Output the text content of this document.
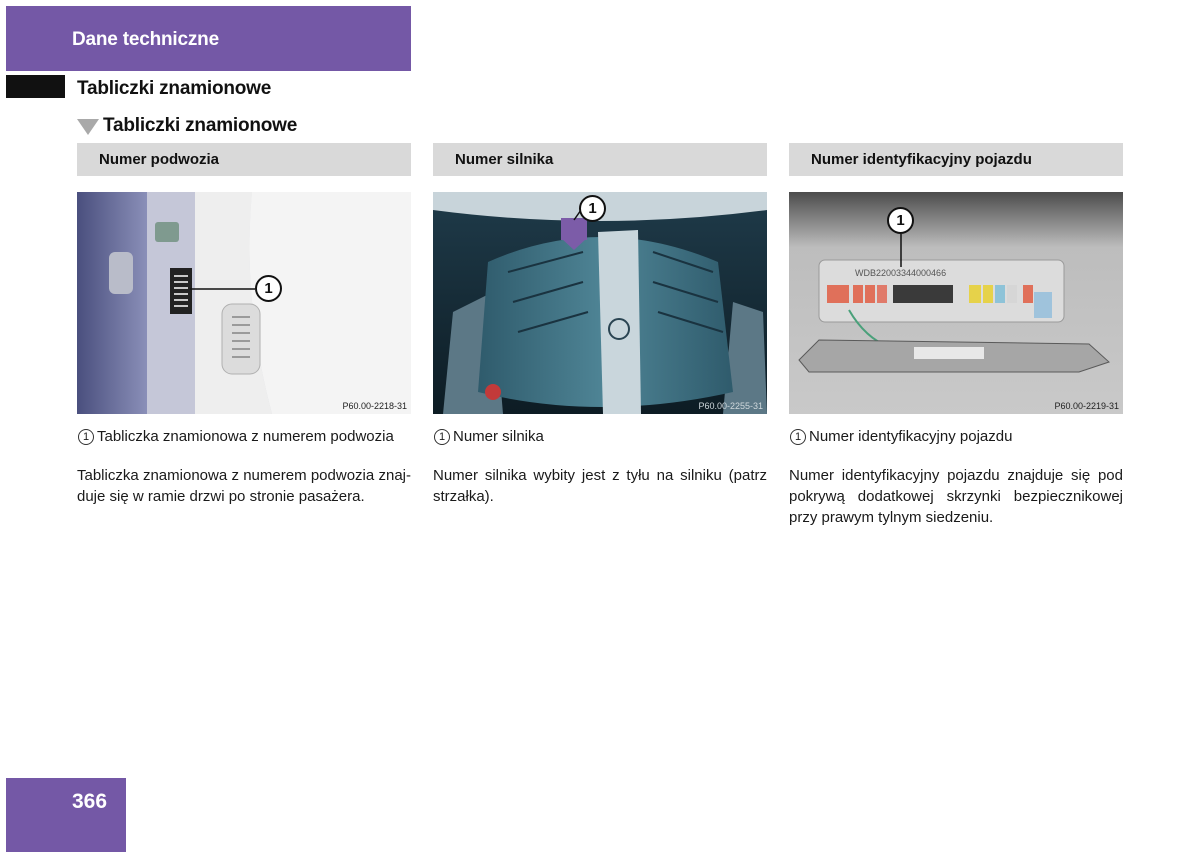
Dane techniczne
Tabliczki znamionowe
Tabliczki znamionowe
Numer podwozia
1
P60.00-2218-31
1 Tabliczka znamionowa z numerem podwozia
Tabliczka znamionowa z numerem podwozia znaj-duje się w ramie drzwi po stronie pasażera.
Numer silnika
1
P60.00-2255-31
1 Numer silnika
Numer silnika wybity jest z tyłu na silniku (patrz strzałka).
Numer identyfikacyjny pojazdu
WDB22003344000466
1
P60.00-2219-31
1 Numer identyfikacyjny pojazdu
Numer identyfikacyjny pojazdu znajduje się pod pokrywą dodatkowej skrzynki bezpiecznikowej przy prawym tylnym siedzeniu.
366
